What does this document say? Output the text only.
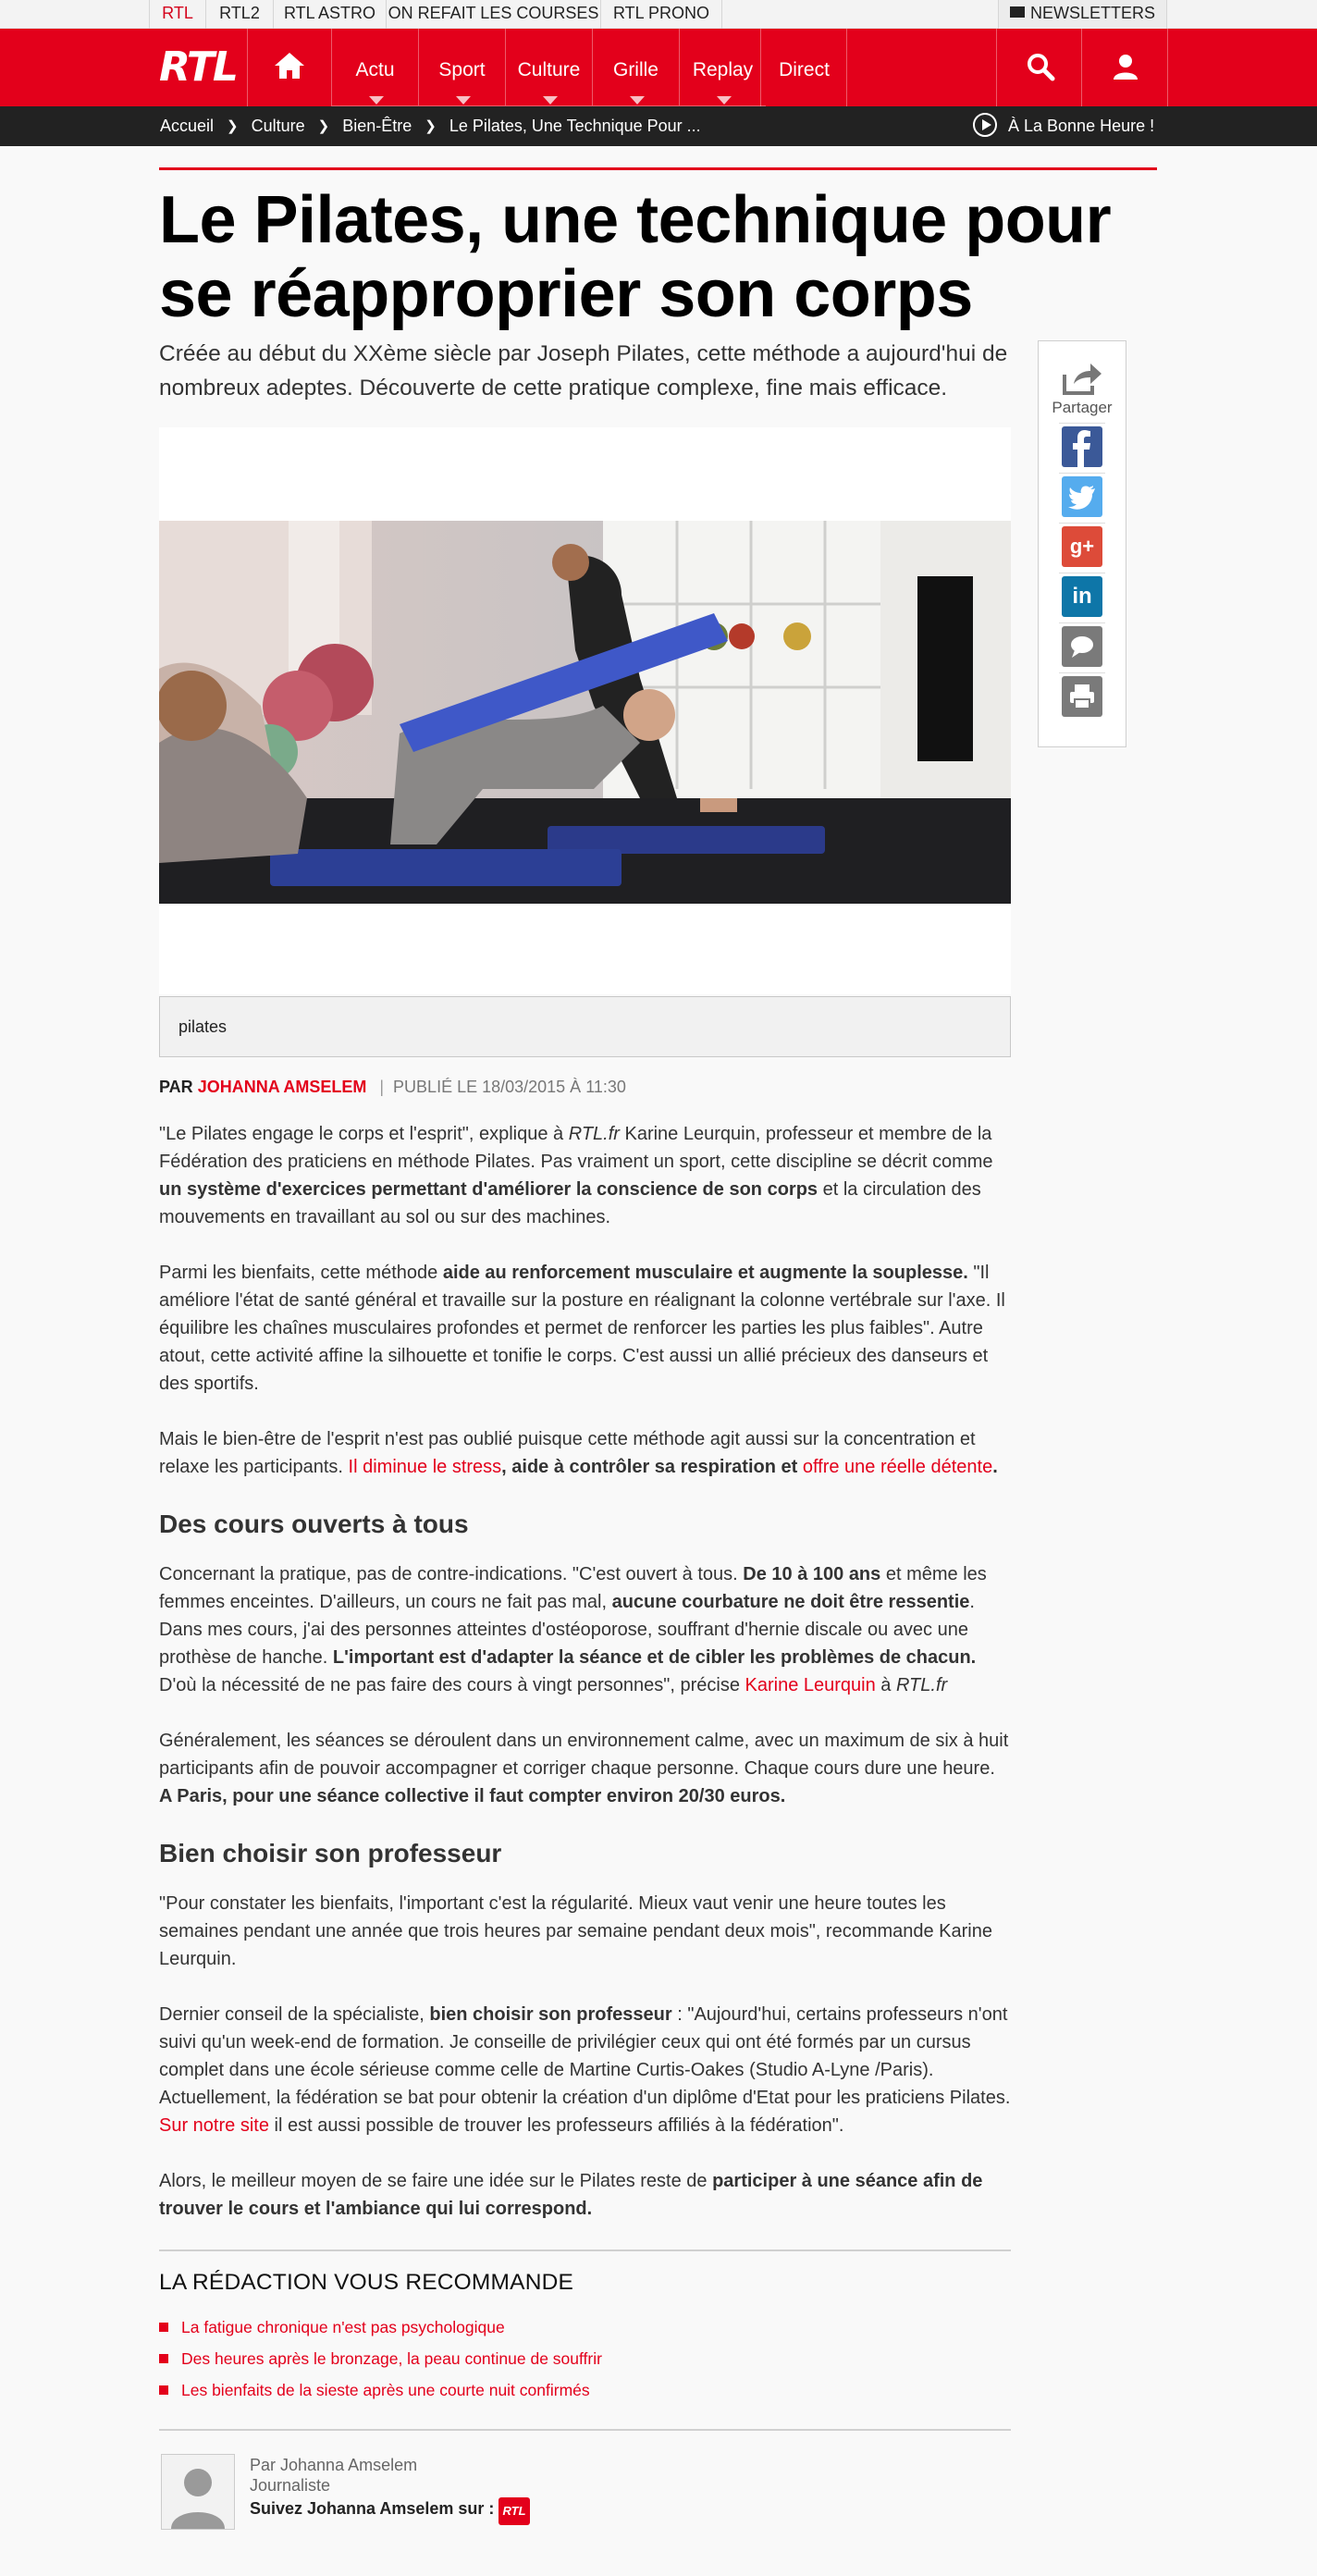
RTL	RTL2	RTL ASTRO ON REFAIT LES COURSES RTL PRONO	NEWSLETTERS
RTL	Actu	Sport	Culture	Grille	Replay	Direct
Accueil ❯ Culture ❯ Bien-Être ❯ Le Pilates, Une Technique Pour ...	À La Bonne Heure !
Le Pilates, une technique pour se réapproprier son corps
Créée au début du XXème siècle par Joseph Pilates, cette méthode a aujourd'hui de nombreux adeptes. Découverte de cette pratique complexe, fine mais efficace.
pilates
Partager
g+
in
PAR JOHANNA AMSELEM | PUBLIÉ LE 18/03/2015 À 11:30

"Le Pilates engage le corps et l'esprit", explique à RTL.fr Karine Leurquin, professeur et membre de la Fédération des praticiens en méthode Pilates. Pas vraiment un sport, cette discipline se décrit comme un système d'exercices permettant d'améliorer la conscience de son corps et la circulation des mouvements en travaillant au sol ou sur des machines.

Parmi les bienfaits, cette méthode aide au renforcement musculaire et augmente la souplesse. "Il améliore l'état de santé général et travaille sur la posture en réalignant la colonne vertébrale sur l'axe. Il équilibre les chaînes musculaires profondes et permet de renforcer les parties les plus faibles". Autre atout, cette activité affine la silhouette et tonifie le corps. C'est aussi un allié précieux des danseurs et des sportifs.

Mais le bien-être de l'esprit n'est pas oublié puisque cette méthode agit aussi sur la concentration et relaxe les participants. Il diminue le stress, aide à contrôler sa respiration et offre une réelle détente.

Des cours ouverts à tous

Concernant la pratique, pas de contre-indications. "C'est ouvert à tous. De 10 à 100 ans et même les femmes enceintes. D'ailleurs, un cours ne fait pas mal, aucune courbature ne doit être ressentie. Dans mes cours, j'ai des personnes atteintes d'ostéoporose, souffrant d'hernie discale ou avec une prothèse de hanche. L'important est d'adapter la séance et de cibler les problèmes de chacun. D'où la nécessité de ne pas faire des cours à vingt personnes", précise Karine Leurquin à RTL.fr

Généralement, les séances se déroulent dans un environnement calme, avec un maximum de six à huit participants afin de pouvoir accompagner et corriger chaque personne. Chaque cours dure une heure. A Paris, pour une séance collective il faut compter environ 20/30 euros.

Bien choisir son professeur

"Pour constater les bienfaits, l'important c'est la régularité. Mieux vaut venir une heure toutes les semaines pendant une année que trois heures par semaine pendant deux mois", recommande Karine Leurquin.

Dernier conseil de la spécialiste, bien choisir son professeur : "Aujourd'hui, certains professeurs n'ont suivi qu'un week-end de formation. Je conseille de privilégier ceux qui ont été formés par un cursus complet dans une école sérieuse comme celle de Martine Curtis-Oakes (Studio A-Lyne /Paris). Actuellement, la fédération se bat pour obtenir la création d'un diplôme d'Etat pour les praticiens Pilates. Sur notre site il est aussi possible de trouver les professeurs affiliés à la fédération".

Alors, le meilleur moyen de se faire une idée sur le Pilates reste de participer à une séance afin de trouver le cours et l'ambiance qui lui correspond.

LA RÉDACTION VOUS RECOMMANDE
La fatigue chronique n'est pas psychologique
Des heures après le bronzage, la peau continue de souffrir
Les bienfaits de la sieste après une courte nuit confirmés
Par Johanna Amselem
Journaliste
Suivez Johanna Amselem sur : RTL
